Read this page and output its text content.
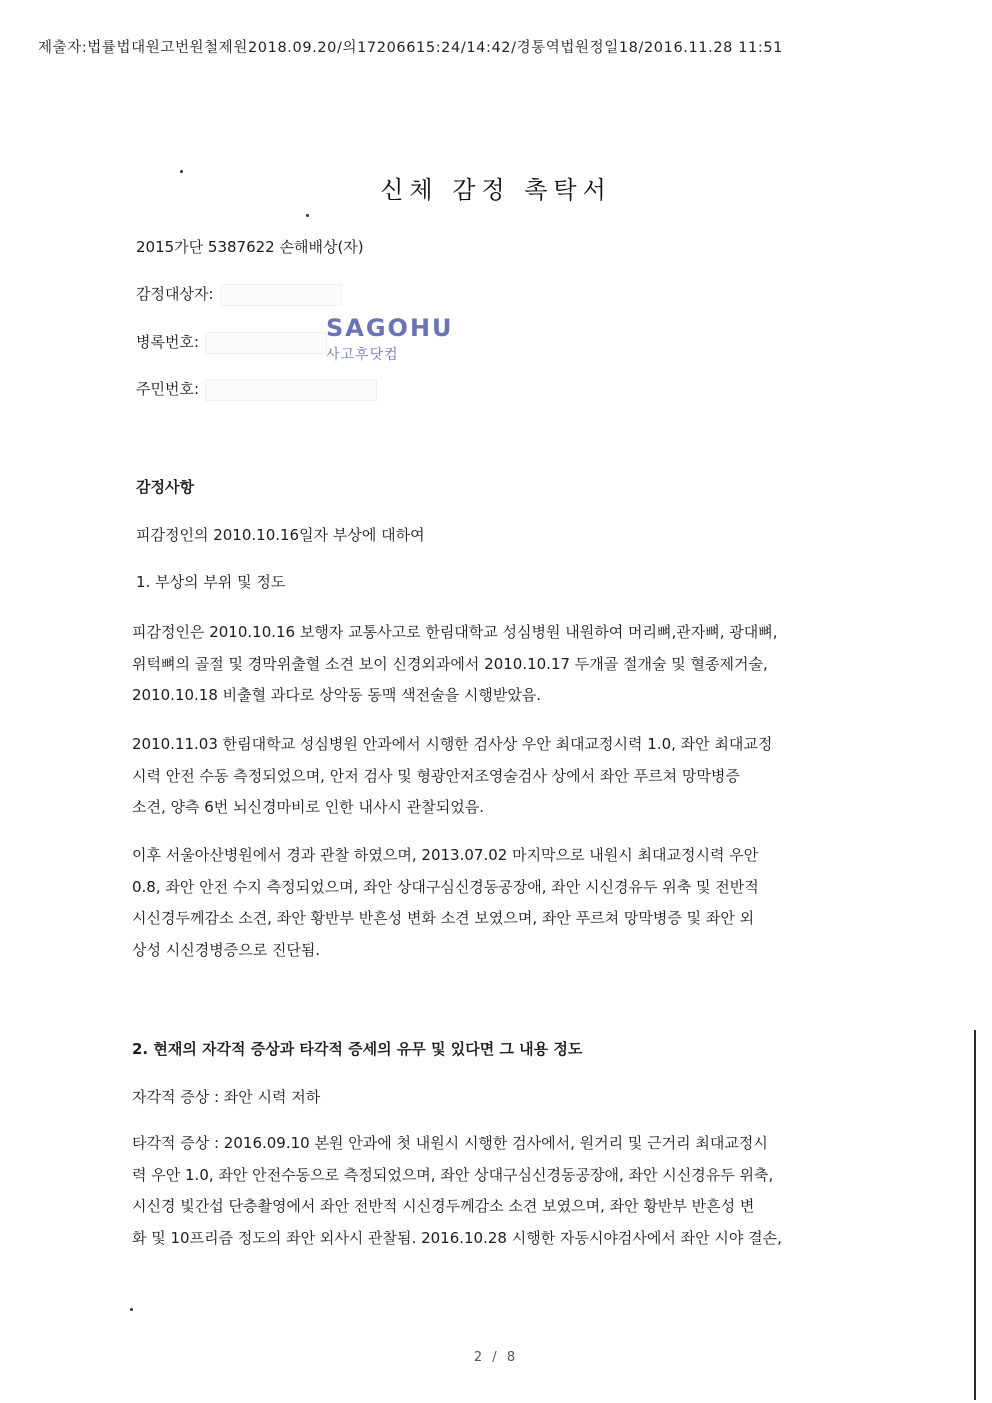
제출자:법률법대원고번원철제원2018.09.20/의17206615:24/14:42/경통역법원정일18/2016.11.28 11:51
신체 감정 촉탁서
2015가단 5387622 손해배상(자)
감정대상자:
병록번호:
주민번호:
SAGOHU
사고후닷컴
감정사항
피감정인의 2010.10.16일자 부상에 대하여
1. 부상의 부위 및 정도
피감정인은 2010.10.16 보행자 교통사고로 한림대학교 성심병원 내원하여 머리뼈,관자뼈, 광대뼈,
위턱뼈의 골절 및 경막위출혈 소견 보이 신경외과에서 2010.10.17 두개골 절개술 및 혈종제거술,
2010.10.18 비출혈 과다로 상악동 동맥 색전술을 시행받았음.
2010.11.03 한림대학교 성심병원 안과에서 시행한 검사상 우안 최대교정시력 1.0, 좌안 최대교정
시력 안전 수동 측정되었으며, 안저 검사 및 형광안저조영술검사 상에서 좌안 푸르쳐 망막병증
소견, 양측 6번 뇌신경마비로 인한 내사시 관찰되었음.
이후 서울아산병원에서 경과 관찰 하였으며, 2013.07.02 마지막으로 내원시 최대교정시력 우안
0.8, 좌안 안전 수지 측정되었으며, 좌안 상대구심신경동공장애, 좌안 시신경유두 위축 및 전반적
시신경두께감소 소견, 좌안 황반부 반흔성 변화 소견 보였으며, 좌안 푸르쳐 망막병증 및 좌안 외
상성 시신경병증으로 진단됨.
2. 현재의 자각적 증상과 타각적 증세의 유무 및 있다면 그 내용 정도
자각적 증상 : 좌안 시력 저하
타각적 증상 : 2016.09.10 본원 안과에 첫 내원시 시행한 검사에서, 원거리 및 근거리 최대교정시
력 우안 1.0, 좌안 안전수동으로 측정되었으며, 좌안 상대구심신경동공장애, 좌안 시신경유두 위축,
시신경 빛간섭 단층촬영에서 좌안 전반적 시신경두께감소 소견 보였으며, 좌안 황반부 반흔성 변
화 및 10프리즘 정도의 좌안 외사시 관찰됨. 2016.10.28 시행한 자동시야검사에서 좌안 시야 결손,
2 / 8
